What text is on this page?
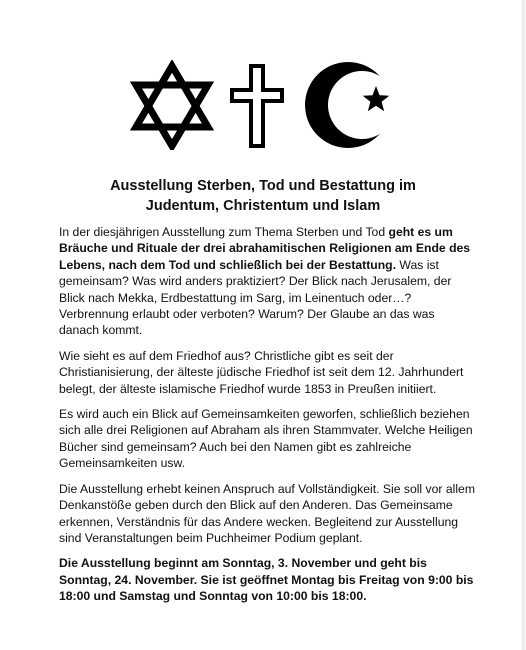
Ausstellung Sterben, Tod und Bestattung im
Judentum, Christentum und Islam

In der diesjährigen Ausstellung zum Thema Sterben und Tod geht es um Bräuche und Rituale der drei abrahamitischen Religionen am Ende des Lebens, nach dem Tod und schließlich bei der Bestattung. Was ist gemeinsam? Was wird anders praktiziert? Der Blick nach Jerusalem, der Blick nach Mekka, Erdbestattung im Sarg, im Leinentuch oder…? Verbrennung erlaubt oder verboten? Warum? Der Glaube an das was danach kommt.

Wie sieht es auf dem Friedhof aus? Christliche gibt es seit der Christianisierung, der älteste jüdische Friedhof ist seit dem 12. Jahrhundert belegt, der älteste islamische Friedhof wurde 1853 in Preußen initiiert.

Es wird auch ein Blick auf Gemeinsamkeiten geworfen, schließlich beziehen sich alle drei Religionen auf Abraham als ihren Stammvater. Welche Heiligen Bücher sind gemeinsam? Auch bei den Namen gibt es zahlreiche Gemeinsamkeiten usw.

Die Ausstellung erhebt keinen Anspruch auf Vollständigkeit. Sie soll vor allem Denkanstöße geben durch den Blick auf den Anderen. Das Gemeinsame erkennen, Verständnis für das Andere wecken. Begleitend zur Ausstellung sind Veranstaltungen beim Puchheimer Podium geplant.

Die Ausstellung beginnt am Sonntag, 3. November und geht bis Sonntag, 24. November. Sie ist geöffnet Montag bis Freitag von 9:00 bis 18:00 und Samstag und Sonntag von 10:00 bis 18:00.
